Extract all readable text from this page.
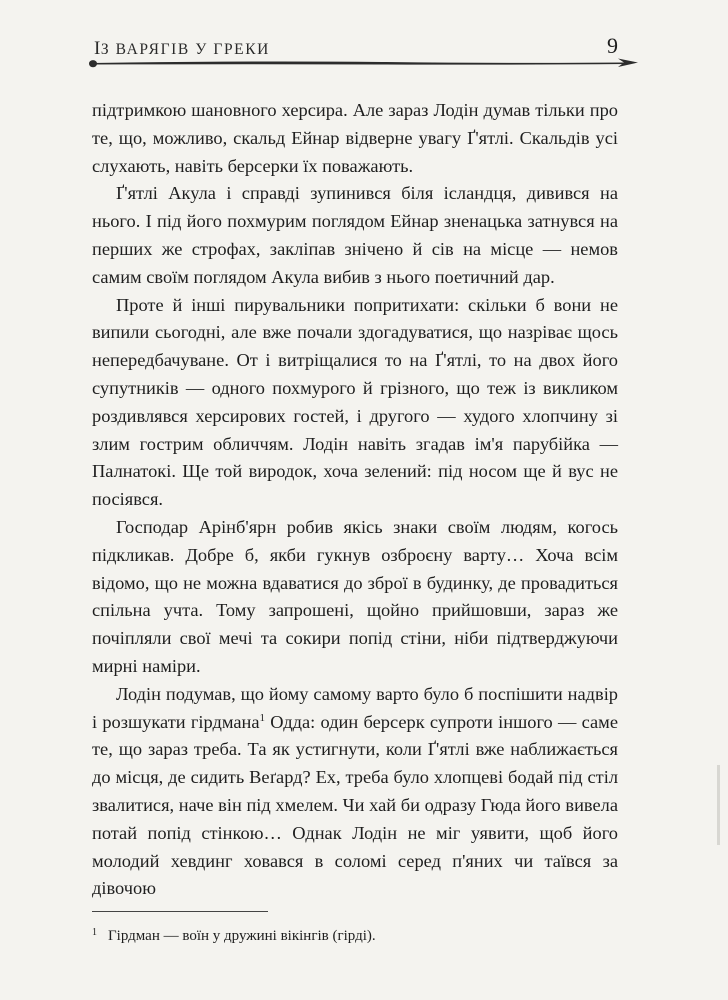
ІЗ ВАРЯГІВ У ГРЕКИ	9

підтримкою шановного херсира. Але зараз Лодін думав тільки про те, що, можливо, скальд Ейнар відверне увагу Ґ'ятлі. Скальдів усі слухають, навіть берсерки їх поважають.

Ґ'ятлі Акула і справді зупинився біля ісландця, дивився на нього. І під його похмурим поглядом Ейнар зненацька затнувся на перших же строфах, закліпав знічено й сів на місце — немов самим своїм поглядом Акула вибив з нього поетичний дар.

Проте й інші пирувальники попритихати: скільки б вони не випили сьогодні, але вже почали здогадуватися, що назріває щось непередбачуване. От і витріщалися то на Ґ'ятлі, то на двох його супутників — одного похмурого й грізного, що теж із викликом роздивлявся херсирових гостей, і другого — худого хлопчину зі злим гострим обличчям. Лодін навіть згадав ім'я парубійка — Палнатокі. Ще той виродок, хоча зелений: під носом ще й вус не посіявся.

Господар Арінб'ярн робив якісь знаки своїм людям, когось підкликав. Добре б, якби гукнув озброєну варту… Хоча всім відомо, що не можна вдаватися до зброї в будинку, де провадиться спільна учта. Тому запрошені, щойно прийшовши, зараз же почіпляли свої мечі та сокири попід стіни, ніби підтверджуючи мирні наміри.

Лодін подумав, що йому самому варто було б поспішити надвір і розшукати гірдмана$^1$ Одда: один берсерк супроти іншого — саме те, що зараз треба. Та як устигнути, коли Ґ'ятлі вже наближається до місця, де сидить Веґард? Ех, треба було хлопцеві бодай під стіл звалитися, наче він під хмелем. Чи хай би одразу Гюда його вивела потай попід стінкою… Однак Лодін не міг уявити, щоб його молодий хевдинг ховався в соломі серед п'яних чи таївся за дівочою

$^1$ Гірдман — воїн у дружині вікінгів (гірді).
